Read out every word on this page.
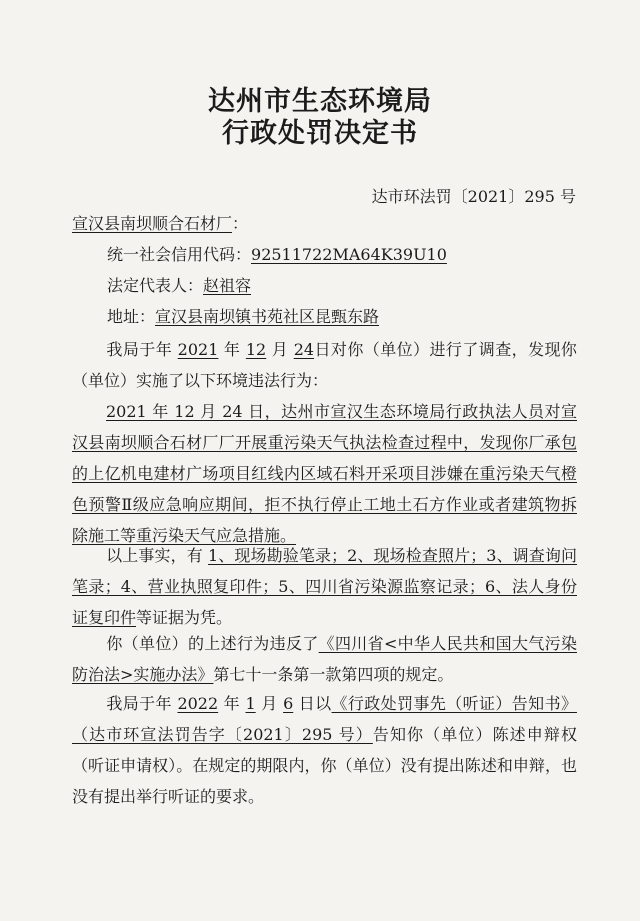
达州市生态环境局
行政处罚决定书
达市环法罚〔2021〕295 号
宣汉县南坝顺合石材厂：
统一社会信用代码：92511722MA64K39U10
法定代表人：赵祖容
地址：宣汉县南坝镇书苑社区昆甄东路
我局于年 2021 年 12 月 24日对你（单位）进行了调查，发现你（单位）实施了以下环境违法行为：
2021 年 12 月 24 日，达州市宣汉生态环境局行政执法人员对宣汉县南坝顺合石材厂厂开展重污染天气执法检查过程中，发现你厂承包的上亿机电建材广场项目红线内区域石料开采项目涉嫌在重污染天气橙色预警Ⅱ级应急响应期间，拒不执行停止工地土石方作业或者建筑物拆除施工等重污染天气应急措施。
以上事实，有 1、现场勘验笔录；2、现场检查照片；3、调查询问笔录；4、营业执照复印件；5、四川省污染源监察记录；6、法人身份证复印件等证据为凭。
你（单位）的上述行为违反了《四川省<中华人民共和国大气污染防治法>实施办法》第七十一条第一款第四项的规定。
我局于年 2022 年 1 月 6 日以《行政处罚事先（听证）告知书》（达市环宣法罚告字〔2021〕295 号）告知你（单位）陈述申辩权（听证申请权）。在规定的期限内，你（单位）没有提出陈述和申辩，也没有提出举行听证的要求。
